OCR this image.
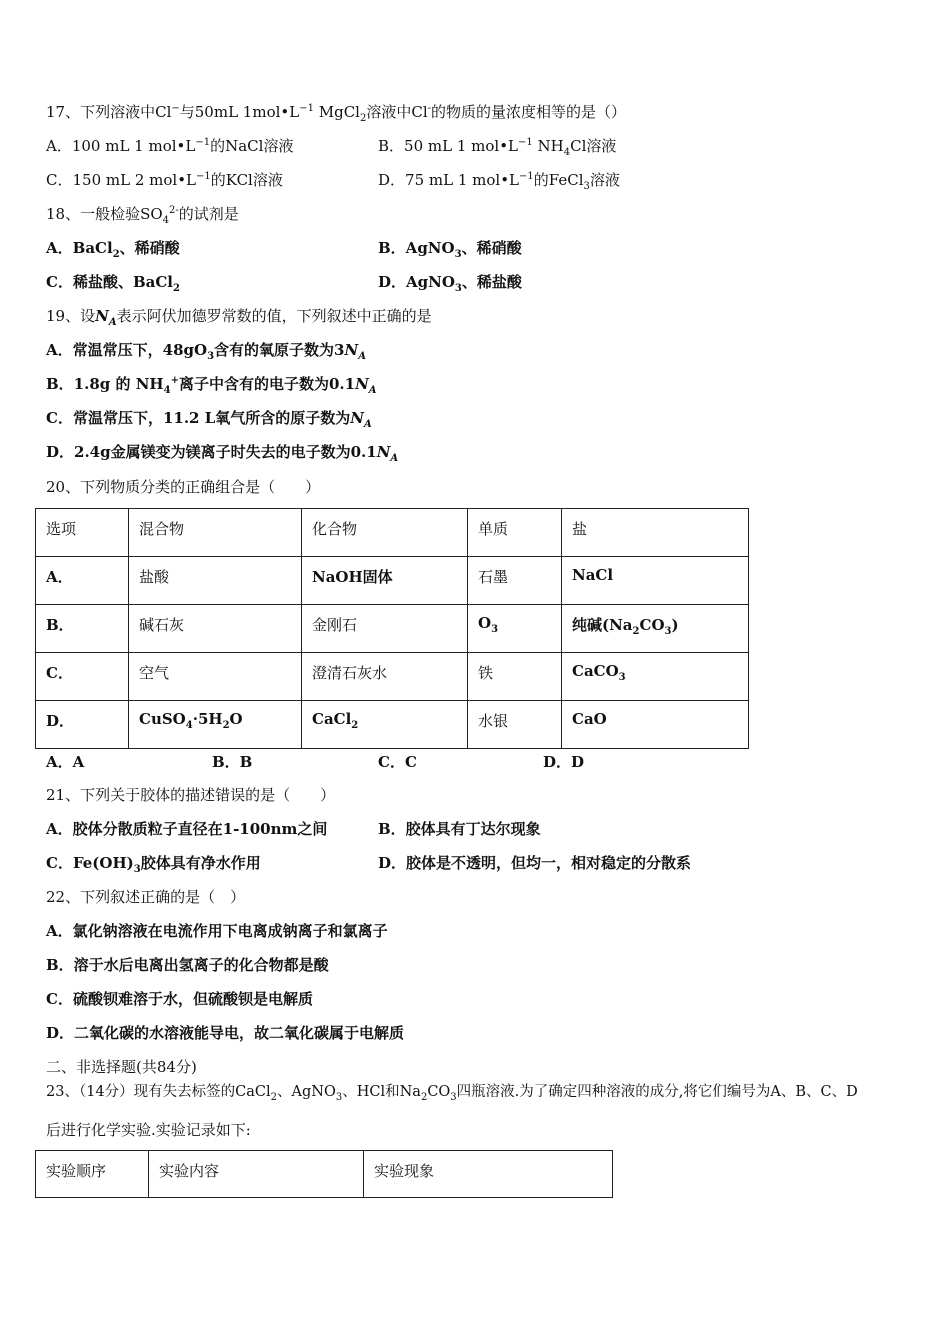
17、下列溶液中Cl−与50mL $1mol•L^{-1}$ MgCl$_2$溶液中Cl-的物质的量浓度相等的是（）
A．100 mL 1 $mol•L^{-1}$的NaCl溶液	B．50 mL 1 $mol•L^{-1}$ $NH_4Cl$溶液
C．150 mL 2 $mol•L^{-1}$的KCl溶液	D．75 mL 1 $mol•L^{-1}$的FeCl$_3$溶液
18、一般检验$SO_4^{2-}$的试剂是
A．BaCl$_2$、稀硝酸	B．AgNO$_3$、稀硝酸
C．稀盐酸、BaCl$_2$	D．AgNO$_3$、稀盐酸
19、设$N_A$表示阿伏加德罗常数的值，下列叙述中正确的是
A．常温常压下，$48gO_3$含有的氧原子数为$3N_A$
B．1.8g 的 $NH_4^+$离子中含有的电子数为$0.1N_A$
C．常温常压下，11.2 L氧气所含的原子数为$N_A$
D．2.4g金属镁变为镁离子时失去的电子数为$0.1N_A$
20、下列物质分类的正确组合是（　　）
选项	混合物	化合物	单质	盐
A．	盐酸	NaOH固体	石墨	NaCl
B．	碱石灰	金刚石	$O_3$	纯碱$(Na_2CO_3)$
C．	空气	澄清石灰水	铁	CaCO$_3$
D．	$CuSO_4\cdot 5H_2O$	CaCl$_2$	水银	CaO
A．A	B．B	C．C	D．D
21、下列关于胶体的描述错误的是（　　）
A．胶体分散质粒子直径在1-100nm之间	B．胶体具有丁达尔现象
C．$Fe(OH)_3$胶体具有净水作用	D．胶体是不透明，但均一，相对稳定的分散系
22、下列叙述正确的是（　）
A．氯化钠溶液在电流作用下电离成钠离子和氯离子
B．溶于水后电离出氢离子的化合物都是酸
C．硫酸钡难溶于水，但硫酸钡是电解质
D．二氧化碳的水溶液能导电，故二氧化碳属于电解质
二、非选择题(共84分)
23、（14分）现有失去标签的CaCl$_2$、AgNO$_3$、HCl和$Na_2CO_3$四瓶溶液.为了确定四种溶液的成分,将它们编号为A、B、C、D
后进行化学实验.实验记录如下:
实验顺序	实验内容	实验现象
